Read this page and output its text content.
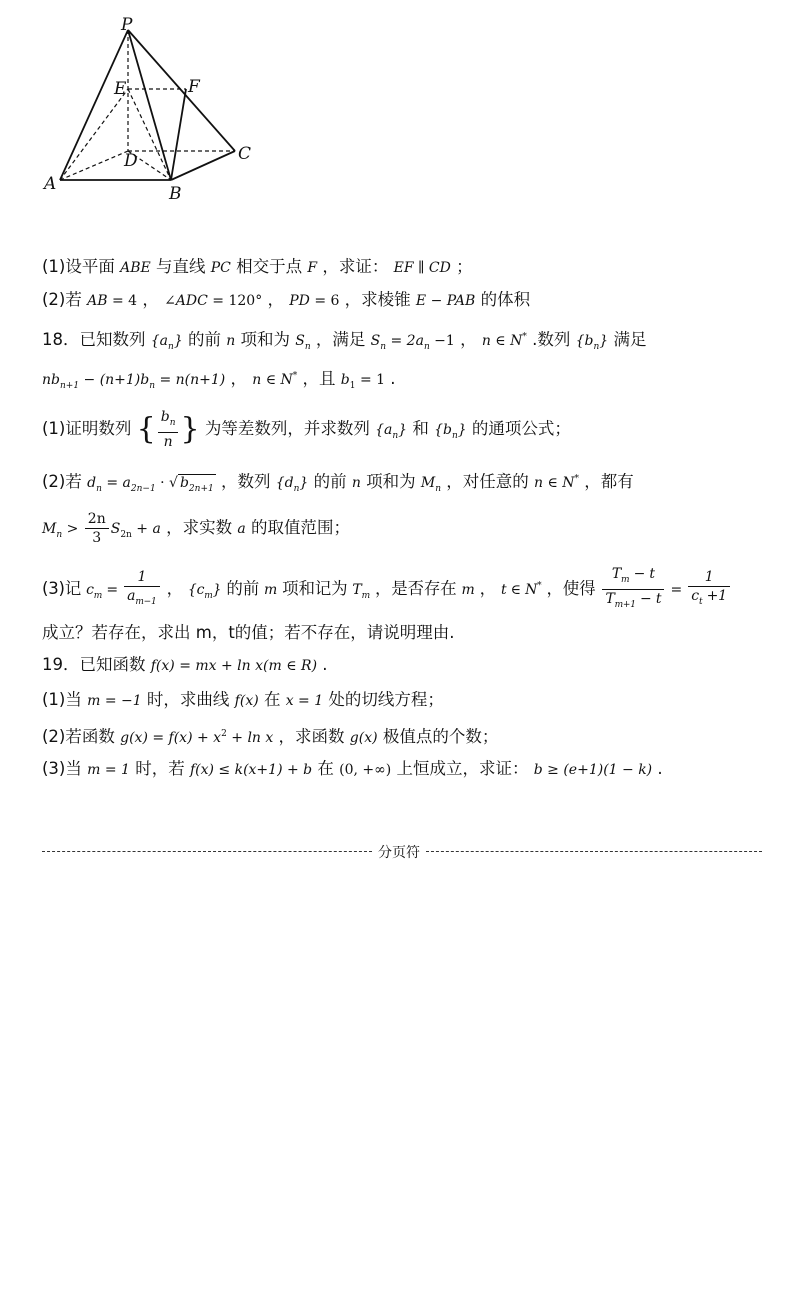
P
E	F
D	C
A	B
(1)设平面 ABE 与直线 PC 相交于点 F ，求证： EF ∥ CD ；
(2)若 AB = 4 ， ∠ADC = 120° ， PD = 6 ，求棱锥 E − PAB 的体积
18．已知数列 $\{a_n\}$ 的前 n 项和为 $S_n$ ，满足 $S_n = 2a_n -1$ ， n ∈ N* .数列 $\{b_n\}$ 满足
$nb_{n+1} - (n+1)b_n = n(n+1)$ ， n ∈ N* ，且 $b_1 = 1$ .
(1)证明数列 { $\frac{b_n}{n}$ } 为等差数列，并求数列 $\{a_n\}$ 和 $\{b_n\}$ 的通项公式；
(2)若 $d_n = a_{2n-1}$ · √ $b_{2n+1}$ ，数列 $\{d_n\}$ 的前 n 项和为 $M_n$ ，对任意的 n ∈ N* ，都有
$M_n > \frac{2n}{3} S_{2n} + a$ ，求实数 a 的取值范围；
(3)记 $c_m = \frac{1}{a_{m-1}}$ ， $\{c_m\}$ 的前 m 项和记为 $T_m$ ，是否存在 m ， t ∈ N* ，使得 $\frac{T_m - t}{T_{m+1} - t} = \frac{1}{c_t +1}$
成立？若存在，求出 m，t的值；若不存在，请说明理由.
19．已知函数 f(x) = mx + ln x(m ∈ R) .
(1)当 m = −1 时，求曲线 f(x) 在 x = 1 处的切线方程；
(2)若函数 $g(x) = f(x) + x^2 + \ln x$ ，求函数 g(x) 极值点的个数；
(3)当 m = 1 时，若 f(x) ≤ k(x+1) + b 在 (0, +∞) 上恒成立，求证： b ≥ (e+1)(1 − k) .
分页符
